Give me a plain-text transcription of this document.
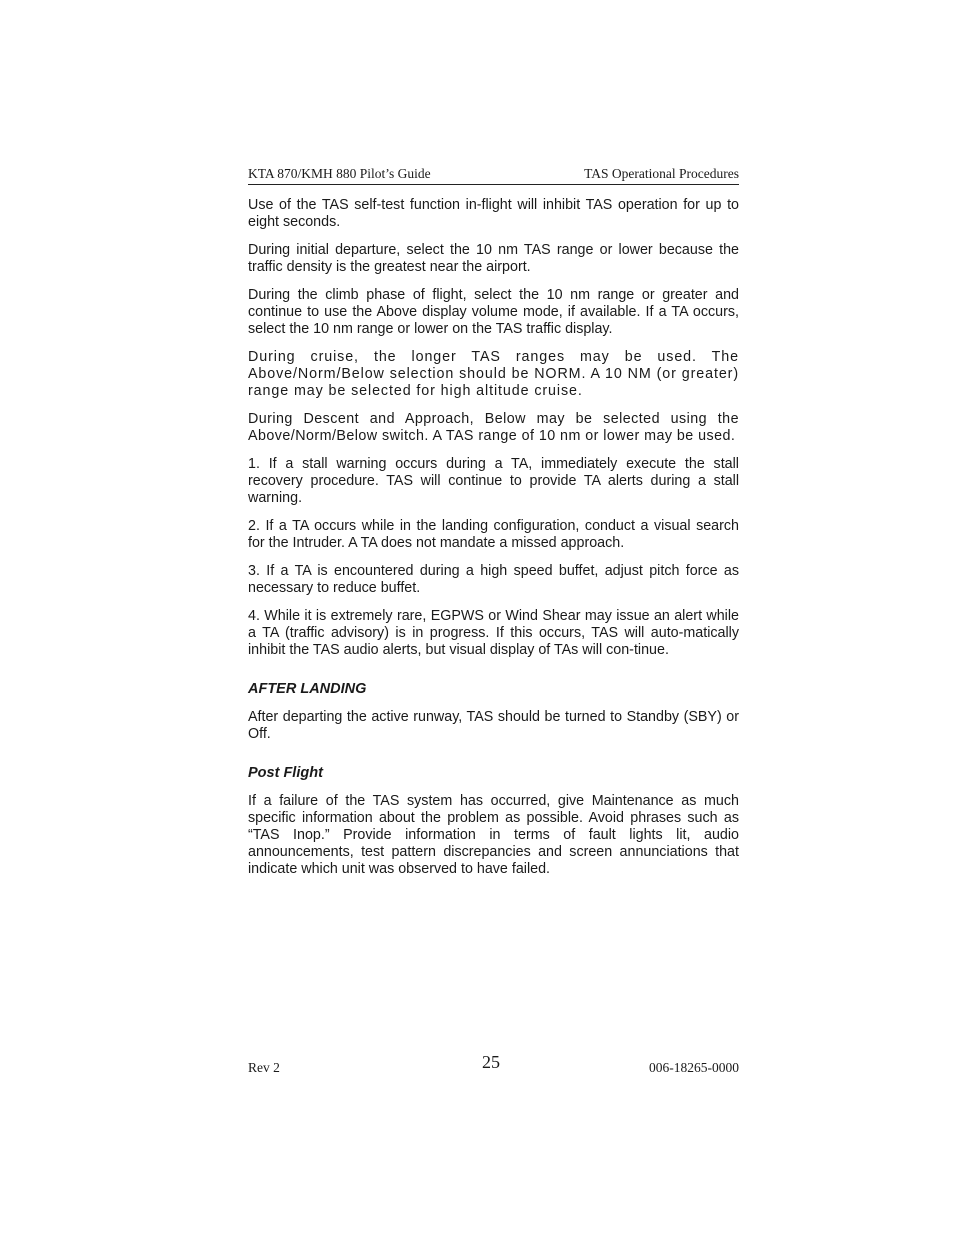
KTA 870/KMH 880 Pilot’s Guide	TAS Operational Procedures

Use of the TAS self-test function in-flight will inhibit TAS operation for up to eight seconds.

During initial departure, select the 10 nm TAS range or lower because the traffic density is the greatest near the airport.

During the climb phase of flight, select the 10 nm range or greater and continue to use the Above display volume mode, if available. If a TA occurs, select the 10 nm range or lower on the TAS traffic display.

During cruise, the longer TAS ranges may be used. The Above/Norm/Below selection should be NORM. A 10 NM (or greater) range may be selected for high altitude cruise.

During Descent and Approach, Below may be selected using the Above/Norm/Below switch. A TAS range of 10 nm or lower may be used.

1. If a stall warning occurs during a TA, immediately execute the stall recovery procedure. TAS will continue to provide TA alerts during a stall warning.

2. If a TA occurs while in the landing configuration, conduct a visual search for the Intruder. A TA does not mandate a missed approach.

3. If a TA is encountered during a high speed buffet, adjust pitch force as necessary to reduce buffet.

4. While it is extremely rare, EGPWS or Wind Shear may issue an alert while a TA (traffic advisory) is in progress. If this occurs, TAS will auto-matically inhibit the TAS audio alerts, but visual display of TAs will con-tinue.

AFTER LANDING

After departing the active runway, TAS should be turned to Standby (SBY) or Off.

Post Flight

If a failure of the TAS system has occurred, give Maintenance as much specific information about the problem as possible. Avoid phrases such as “TAS Inop.” Provide information in terms of fault lights lit, audio announcements, test pattern discrepancies and screen annunciations that indicate which unit was observed to have failed.

Rev 2	25	006-18265-0000
